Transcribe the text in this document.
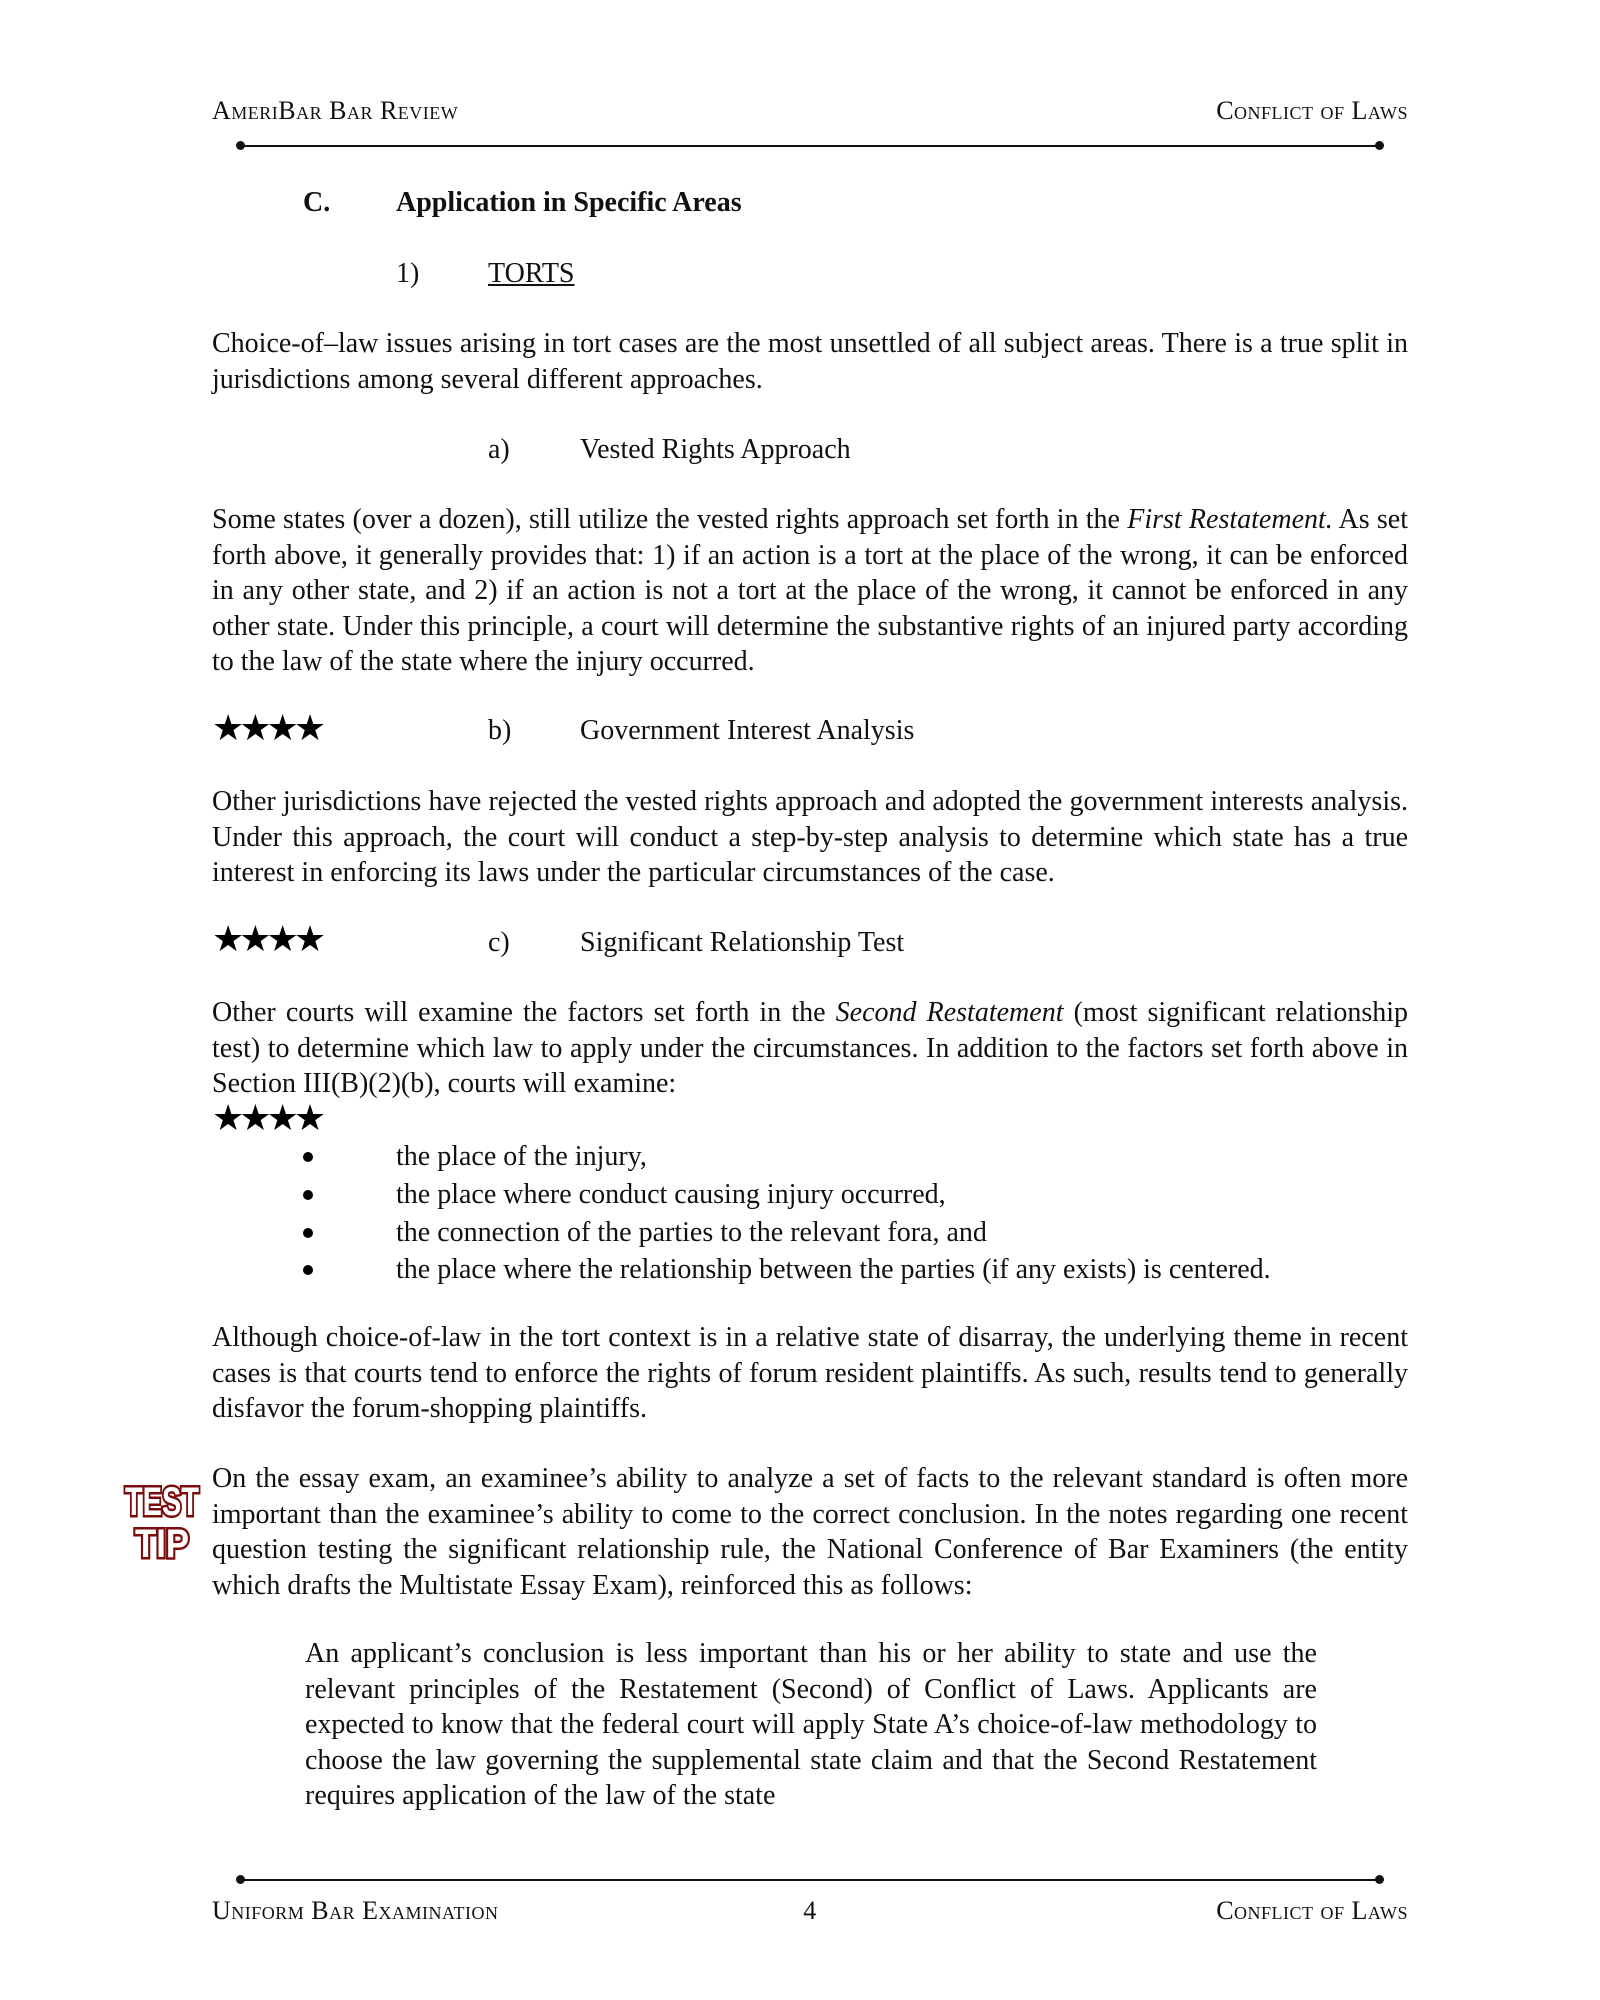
AmeriBar Bar Review	Conflict of Laws
C. Application in Specific Areas
1) TORTS
Choice-of–law issues arising in tort cases are the most unsettled of all subject areas. There is a true split in jurisdictions among several different approaches.
a)	Vested Rights Approach
Some states (over a dozen), still utilize the vested rights approach set forth in the First Restatement. As set forth above, it generally provides that: 1) if an action is a tort at the place of the wrong, it can be enforced in any other state, and 2) if an action is not a tort at the place of the wrong, it cannot be enforced in any other state. Under this principle, a court will determine the substantive rights of an injured party according to the law of the state where the injury occurred.
★★★★	b) Government Interest Analysis
Other jurisdictions have rejected the vested rights approach and adopted the government interests analysis. Under this approach, the court will conduct a step-by-step analysis to determine which state has a true interest in enforcing its laws under the particular circumstances of the case.
★★★★	c)	Significant Relationship Test
Other courts will examine the factors set forth in the Second Restatement (most significant relationship test) to determine which law to apply under the circumstances. In addition to the factors set forth above in Section III(B)(2)(b), courts will examine:
★★★★
the place of the injury,
the place where conduct causing injury occurred,
the connection of the parties to the relevant fora, and
the place where the relationship between the parties (if any exists) is centered.
Although choice-of-law in the tort context is in a relative state of disarray, the underlying theme in recent cases is that courts tend to enforce the rights of forum resident plaintiffs. As such, results tend to generally disfavor the forum-shopping plaintiffs.
TEST
TIP
On the essay exam, an examinee’s ability to analyze a set of facts to the relevant standard is often more important than the examinee’s ability to come to the correct conclusion. In the notes regarding one recent question testing the significant relationship rule, the National Conference of Bar Examiners (the entity which drafts the Multistate Essay Exam), reinforced this as follows:
An applicant’s conclusion is less important than his or her ability to state and use the relevant principles of the Restatement (Second) of Conflict of Laws. Applicants are expected to know that the federal court will apply State A’s choice-of-law methodology to choose the law governing the supplemental state claim and that the Second Restatement requires application of the law of the state
Uniform Bar Examination	4	Conflict of Laws
